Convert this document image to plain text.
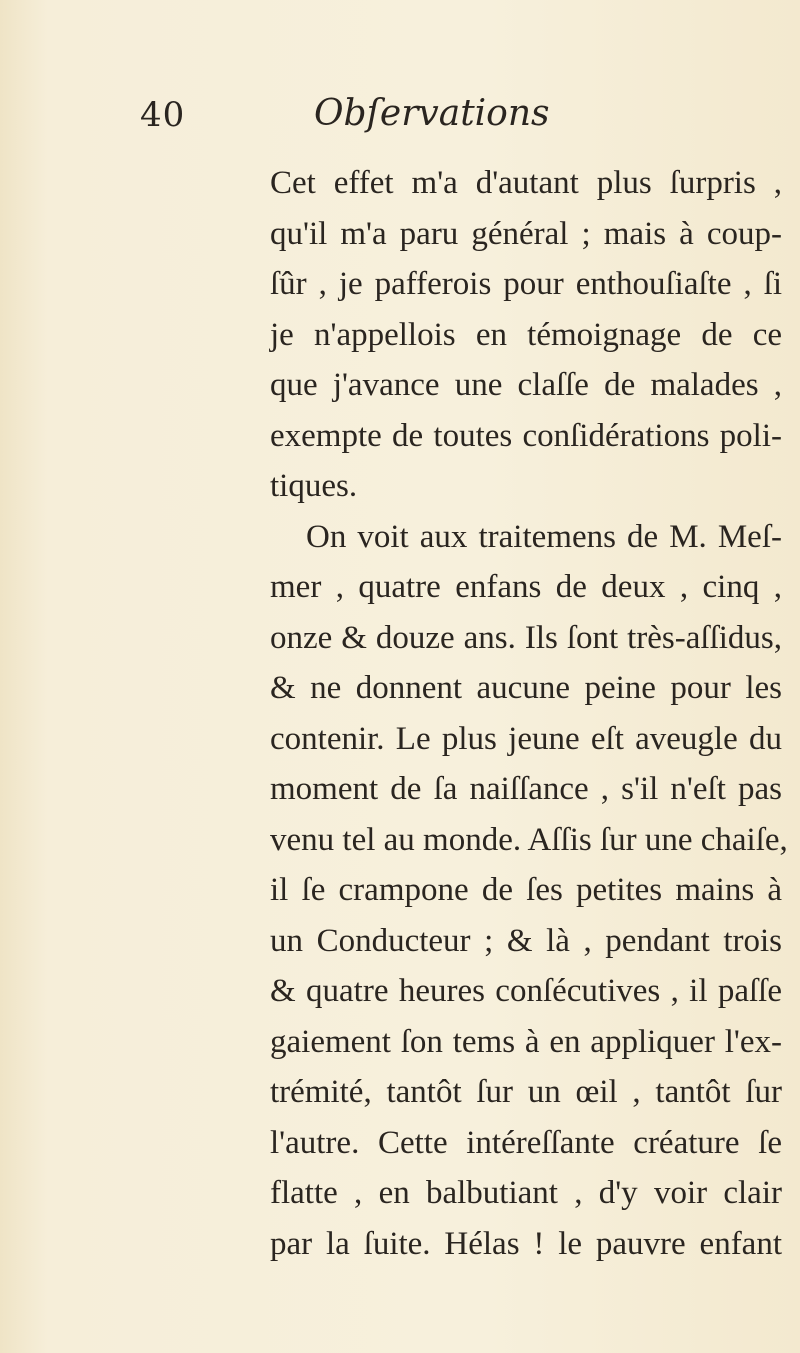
40	Obſervations
Cet effet m'a d'autant plus ſurpris ,
qu'il m'a paru général ; mais à coup-
ſûr , je pafferois pour enthouſiaſte , ſi
je n'appellois en témoignage de ce
que j'avance une claſſe de malades ,
exempte de toutes conſidérations poli-
tiques.
On voit aux traitemens de M. Meſ-
mer , quatre enfans de deux , cinq ,
onze & douze ans. Ils ſont très-aſſidus,
& ne donnent aucune peine pour les
contenir. Le plus jeune eſt aveugle du
moment de ſa naiſſance , s'il n'eſt pas
venu tel au monde. Aſſis ſur une chaiſe,
il ſe crampone de ſes petites mains à
un Conducteur ; & là , pendant trois
& quatre heures conſécutives , il paſſe
gaiement ſon tems à en appliquer l'ex-
trémité, tantôt ſur un œil , tantôt ſur
l'autre. Cette intéreſſante créature ſe
flatte , en balbutiant , d'y voir clair
par la ſuite. Hélas ! le pauvre enfant
